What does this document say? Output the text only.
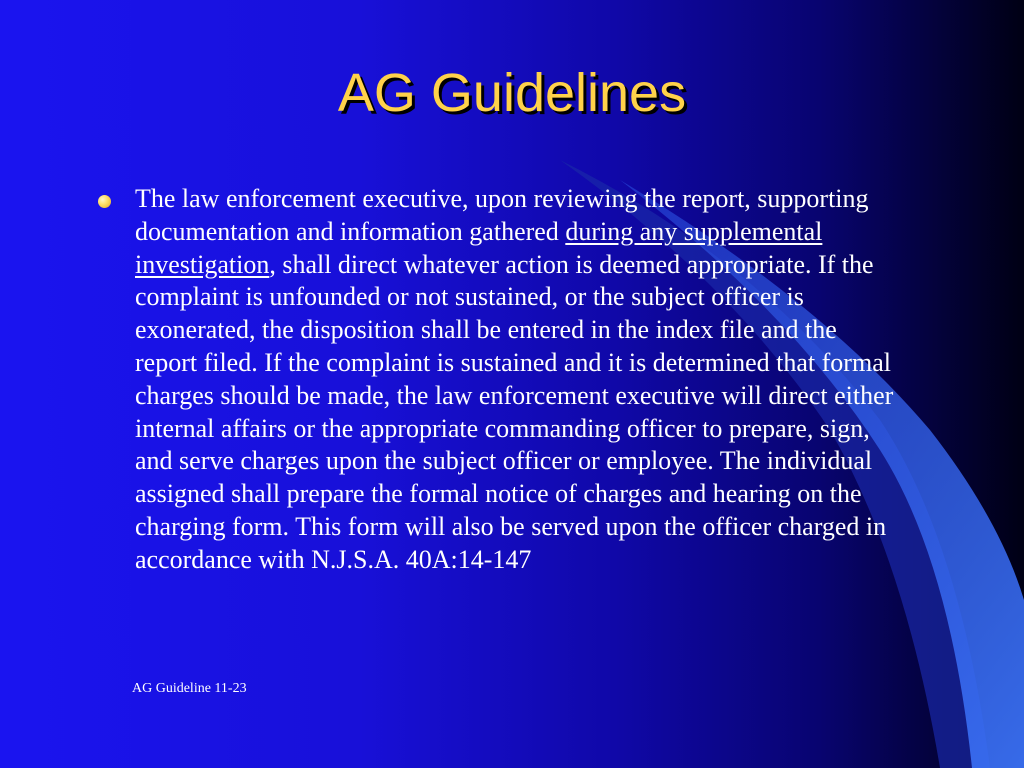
AG Guidelines

The law enforcement executive, upon reviewing the report, supporting documentation and information gathered during any supplemental investigation, shall direct whatever action is deemed appropriate. If the complaint is unfounded or not sustained, or the subject officer is exonerated, the disposition shall be entered in the index file and the report filed. If the complaint is sustained and it is determined that formal charges should be made, the law enforcement executive will direct either internal affairs or the appropriate commanding officer to prepare, sign, and serve charges upon the subject officer or employee. The individual assigned shall prepare the formal notice of charges and hearing on the charging form. This form will also be served upon the officer charged in accordance with N.J.S.A. 40A:14-147

AG Guideline 11-23
